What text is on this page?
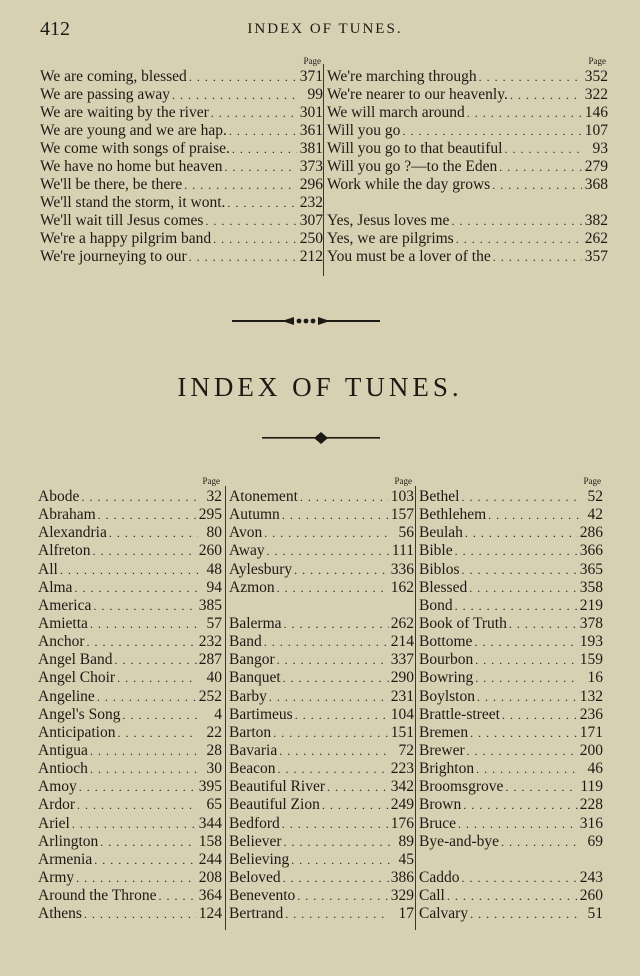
412	INDEX OF TUNES.
Page
We are coming, blessed . . .	371
We are passing away . . .	99
We are waiting by the river . . .	301
We are young and we are hap. . . .	361
We come with songs of praise. . . .	381
We have no home but heaven . . .	373
We'll be there, be there . . .	296
We'll stand the storm, it wont. . . .	232
We'll wait till Jesus comes . . .	307
We're a happy pilgrim band . . .	250
We're journeying to our . . .	212
Page
We're marching through . . .	352
We're nearer to our heavenly. . . .	322
We will march around . . .	146
Will you go . . .	107
Will you go to that beautiful . . .	93
Will you go ?—to the Eden . . .	279
Work while the day grows . . .	368
Yes, Jesus loves me . . .	382
Yes, we are pilgrims . . .	262
You must be a lover of the . . .	357
INDEX OF TUNES.
Page
Abode . . .	32
Abraham . . .	295
Alexandria . . .	80
Alfreton . . .	260
All . . .	48
Alma . . .	94
America . . .	385
Amietta . . .	57
Anchor . . .	232
Angel Band . . .	287
Angel Choir . . .	40
Angeline . . .	252
Angel's Song . . .	4
Anticipation . . .	22
Antigua . . .	28
Antioch . . .	30
Amoy . . .	395
Ardor . . .	65
Ariel . . .	344
Arlington . . .	158
Armenia . . .	244
Army . . .	208
Around the Throne . . .	364
Athens . . .	124
Page
Atonement . . .	103
Autumn . . .	157
Avon . . .	56
Away . . .	111
Aylesbury . . .	336
Azmon . . .	162
Balerma . . .	262
Band . . .	214
Bangor . . .	337
Banquet . . .	290
Barby . . .	231
Bartimeus . . .	104
Barton . . .	151
Bavaria . . .	72
Beacon . . .	223
Beautiful River . . .	342
Beautiful Zion . . .	249
Bedford . . .	176
Believer . . .	89
Believing . . .	45
Beloved . . .	386
Benevento . . .	329
Bertrand . . .	17
Page
Bethel . . .	52
Bethlehem . . .	42
Beulah . . .	286
Bible . . .	366
Biblos . . .	365
Blessed . . .	358
Bond . . .	219
Book of Truth . . .	378
Bottome . . .	193
Bourbon . . .	159
Bowring . . .	16
Boylston . . .	132
Brattle-street . . .	236
Bremen . . .	171
Brewer . . .	200
Brighton . . .	46
Broomsgrove . . .	119
Brown . . .	228
Bruce . . .	316
Bye-and-bye . . .	69
Caddo . . .	243
Call . . .	260
Calvary . . .	51
